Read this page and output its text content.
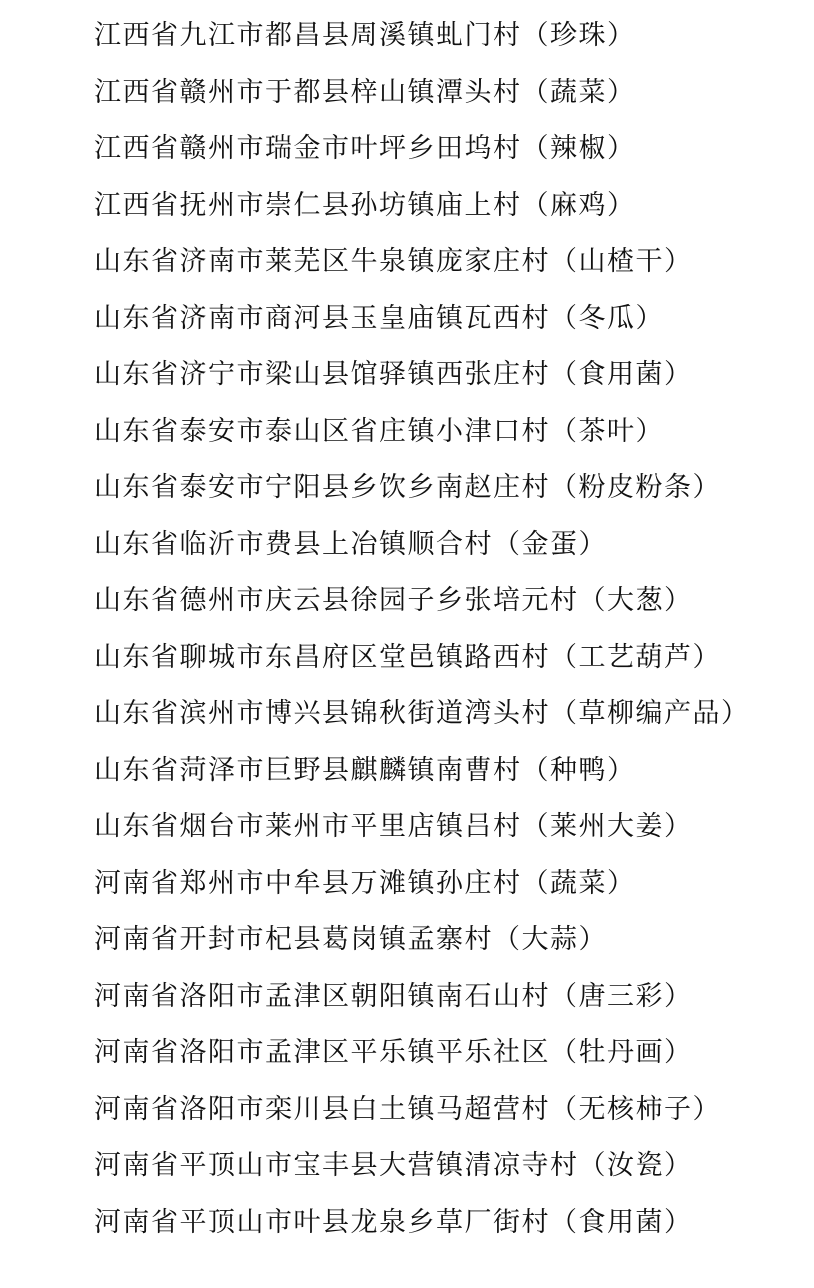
江西省九江市都昌县周溪镇虬门村（珍珠）
江西省赣州市于都县梓山镇潭头村（蔬菜）
江西省赣州市瑞金市叶坪乡田坞村（辣椒）
江西省抚州市崇仁县孙坊镇庙上村（麻鸡）
山东省济南市莱芜区牛泉镇庞家庄村（山楂干）
山东省济南市商河县玉皇庙镇瓦西村（冬瓜）
山东省济宁市梁山县馆驿镇西张庄村（食用菌）
山东省泰安市泰山区省庄镇小津口村（茶叶）
山东省泰安市宁阳县乡饮乡南赵庄村（粉皮粉条）
山东省临沂市费县上冶镇顺合村（金蛋）
山东省德州市庆云县徐园子乡张培元村（大葱）
山东省聊城市东昌府区堂邑镇路西村（工艺葫芦）
山东省滨州市博兴县锦秋街道湾头村（草柳编产品）
山东省菏泽市巨野县麒麟镇南曹村（种鸭）
山东省烟台市莱州市平里店镇吕村（莱州大姜）
河南省郑州市中牟县万滩镇孙庄村（蔬菜）
河南省开封市杞县葛岗镇孟寨村（大蒜）
河南省洛阳市孟津区朝阳镇南石山村（唐三彩）
河南省洛阳市孟津区平乐镇平乐社区（牡丹画）
河南省洛阳市栾川县白土镇马超营村（无核柿子）
河南省平顶山市宝丰县大营镇清凉寺村（汝瓷）
河南省平顶山市叶县龙泉乡草厂街村（食用菌）
